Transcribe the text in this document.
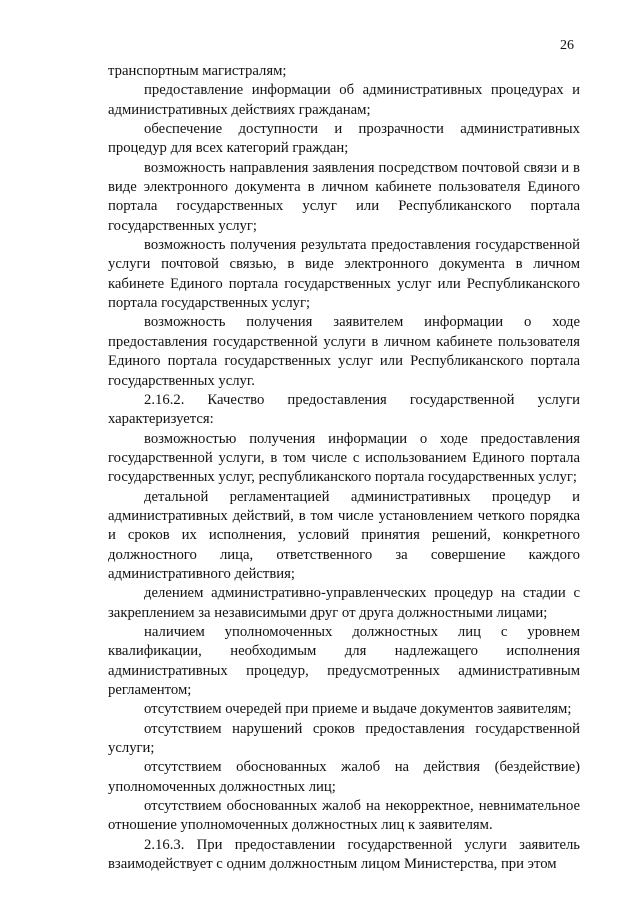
26

транспортным магистралям;

предоставление информации об административных процедурах и административных действиях гражданам;

обеспечение доступности и прозрачности административных процедур для всех категорий граждан;

возможность направления заявления посредством почтовой связи и в виде электронного документа в личном кабинете пользователя Единого портала государственных услуг или Республиканского портала государственных услуг;

возможность получения результата предоставления государственной услуги почтовой связью, в виде электронного документа в личном кабинете Единого портала государственных услуг или Республиканского портала государственных услуг;

возможность получения заявителем информации о ходе предоставления государственной услуги в личном кабинете пользователя Единого портала государственных услуг или Республиканского портала государственных услуг.

2.16.2. Качество предоставления государственной услуги характеризуется:

возможностью получения информации о ходе предоставления государственной услуги, в том числе с использованием Единого портала государственных услуг, республиканского портала государственных услуг;

детальной регламентацией административных процедур и административных действий, в том числе установлением четкого порядка и сроков их исполнения, условий принятия решений, конкретного должностного лица, ответственного за совершение каждого административного действия;

делением административно-управленческих процедур на стадии с закреплением за независимыми друг от друга должностными лицами;

наличием уполномоченных должностных лиц с уровнем квалификации, необходимым для надлежащего исполнения административных процедур, предусмотренных административным регламентом;

отсутствием очередей при приеме и выдаче документов заявителям;

отсутствием нарушений сроков предоставления государственной услуги;

отсутствием обоснованных жалоб на действия (бездействие) уполномоченных должностных лиц;

отсутствием обоснованных жалоб на некорректное, невнимательное отношение уполномоченных должностных лиц к заявителям.

2.16.3. При предоставлении государственной услуги заявитель взаимодействует с одним должностным лицом Министерства, при этом
